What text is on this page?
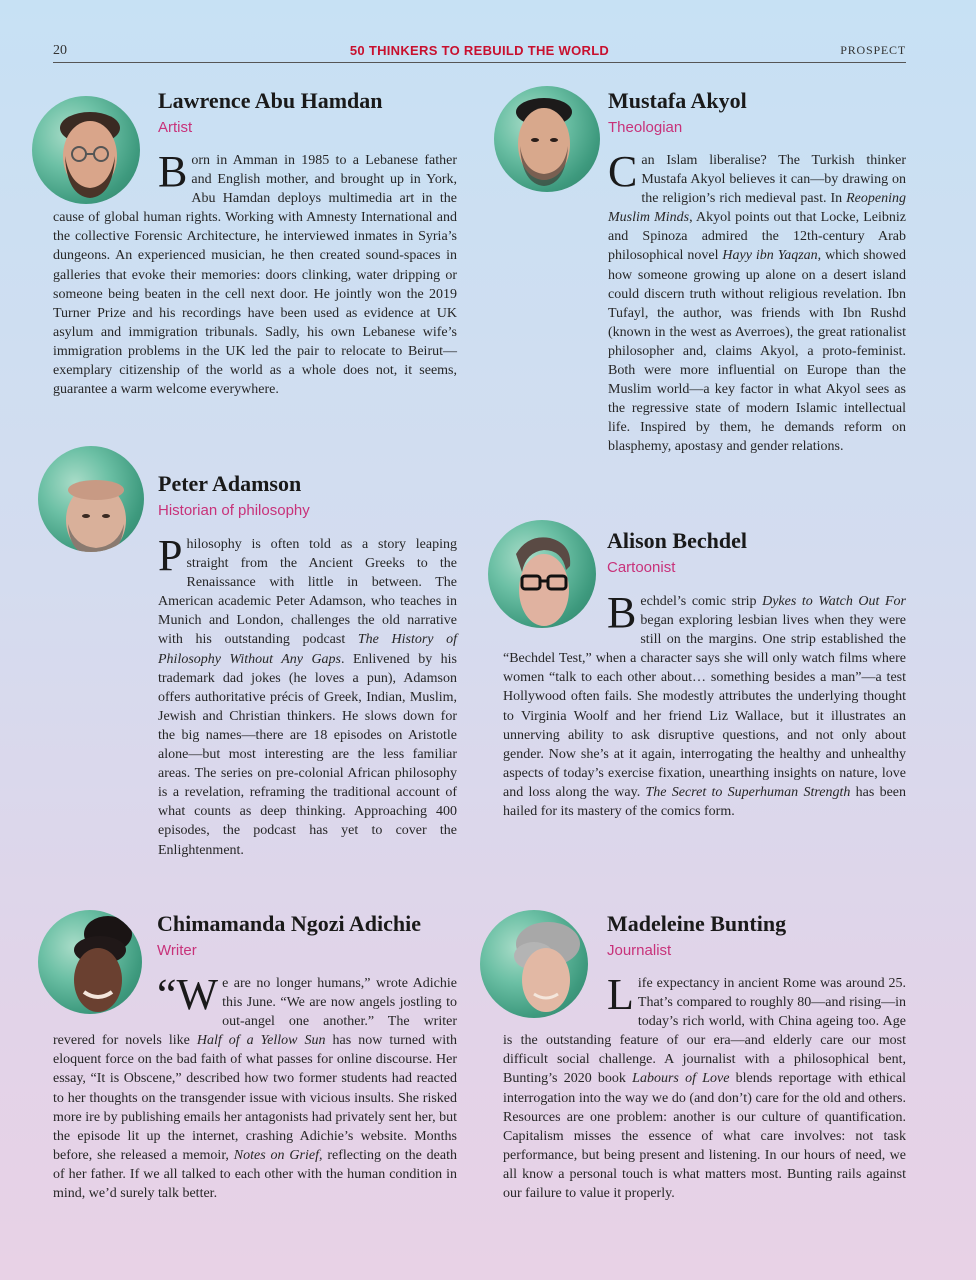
20	50 THINKERS TO REBUILD THE WORLD	PROSPECT
Lawrence Abu Hamdan
Artist

Born in Amman in 1985 to a Lebanese father and English mother, and brought up in York, Abu Hamdan deploys multimedia art in the cause of global human rights. Working with Amnesty International and the collective Forensic Architecture, he interviewed inmates in Syria’s dungeons. An experienced musician, he then created sound-spaces in galleries that evoke their memories: doors clinking, water dripping or someone being beaten in the cell next door. He jointly won the 2019 Turner Prize and his recordings have been used as evidence at UK asylum and immigration tribunals. Sadly, his own Lebanese wife’s immigration problems in the UK led the pair to relocate to Beirut—exemplary citizenship of the world as a whole does not, it seems, guarantee a warm welcome everywhere.

Mustafa Akyol
Theologian

Can Islam liberalise? The Turkish thinker Mustafa Akyol believes it can—by drawing on the religion’s rich medieval past. In Reopening Muslim Minds, Akyol points out that Locke, Leibniz and Spinoza admired the 12th-century Arab philosophical novel Hayy ibn Yaqzan, which showed how someone growing up alone on a desert island could discern truth without religious revelation. Ibn Tufayl, the author, was friends with Ibn Rushd (known in the west as Averroes), the great rationalist philosopher and, claims Akyol, a proto-feminist. Both were more influential on Europe than the Muslim world—a key factor in what Akyol sees as the regressive state of modern Islamic intellectual life. Inspired by them, he demands reform on blasphemy, apostasy and gender relations.

Peter Adamson
Historian of philosophy

Philosophy is often told as a story leaping straight from the Ancient Greeks to the Renaissance with little in between. The American academic Peter Adamson, who teaches in Munich and London, challenges the old narrative with his outstanding podcast The History of Philosophy Without Any Gaps. Enlivened by his trademark dad jokes (he loves a pun), Adamson offers authoritative précis of Greek, Indian, Muslim, Jewish and Christian thinkers. He slows down for the big names—there are 18 episodes on Aristotle alone—but most interesting are the less familiar areas. The series on pre-colonial African philosophy is a revelation, reframing the traditional account of what counts as deep thinking. Approaching 400 episodes, the podcast has yet to cover the Enlightenment.

Alison Bechdel
Cartoonist

Bechdel’s comic strip Dykes to Watch Out For began exploring lesbian lives when they were still on the margins. One strip established the “Bechdel Test,” when a character says she will only watch films where women “talk to each other about… something besides a man”—a test Hollywood often fails. She modestly attributes the underlying thought to Virginia Woolf and her friend Liz Wallace, but it illustrates an unnerving ability to ask disruptive questions, and not only about gender. Now she’s at it again, interrogating the healthy and unhealthy aspects of today’s exercise fixation, unearthing insights on nature, love and loss along the way. The Secret to Superhuman Strength has been hailed for its mastery of the comics form.

Chimamanda Ngozi Adichie
Writer

“We are no longer humans,” wrote Adichie this June. “We are now angels jostling to out-angel one another.” The writer revered for novels like Half of a Yellow Sun has now turned with eloquent force on the bad faith of what passes for online discourse. Her essay, “It is Obscene,” described how two former students had reacted to her thoughts on the transgender issue with vicious insults. She risked more ire by publishing emails her antagonists had privately sent her, but the episode lit up the internet, crashing Adichie’s website. Months before, she released a memoir, Notes on Grief, reflecting on the death of her father. If we all talked to each other with the human condition in mind, we’d surely talk better.

Madeleine Bunting
Journalist

Life expectancy in ancient Rome was around 25. That’s compared to roughly 80—and rising—in today’s rich world, with China ageing too. Age is the outstanding feature of our era—and elderly care our most difficult social challenge. A journalist with a philosophical bent, Bunting’s 2020 book Labours of Love blends reportage with ethical interrogation into the way we do (and don’t) care for the old and others. Resources are one problem: another is our culture of quantification. Capitalism misses the essence of what care involves: not task performance, but being present and listening. In our hours of need, we all know a personal touch is what matters most. Bunting rails against our failure to value it properly.
